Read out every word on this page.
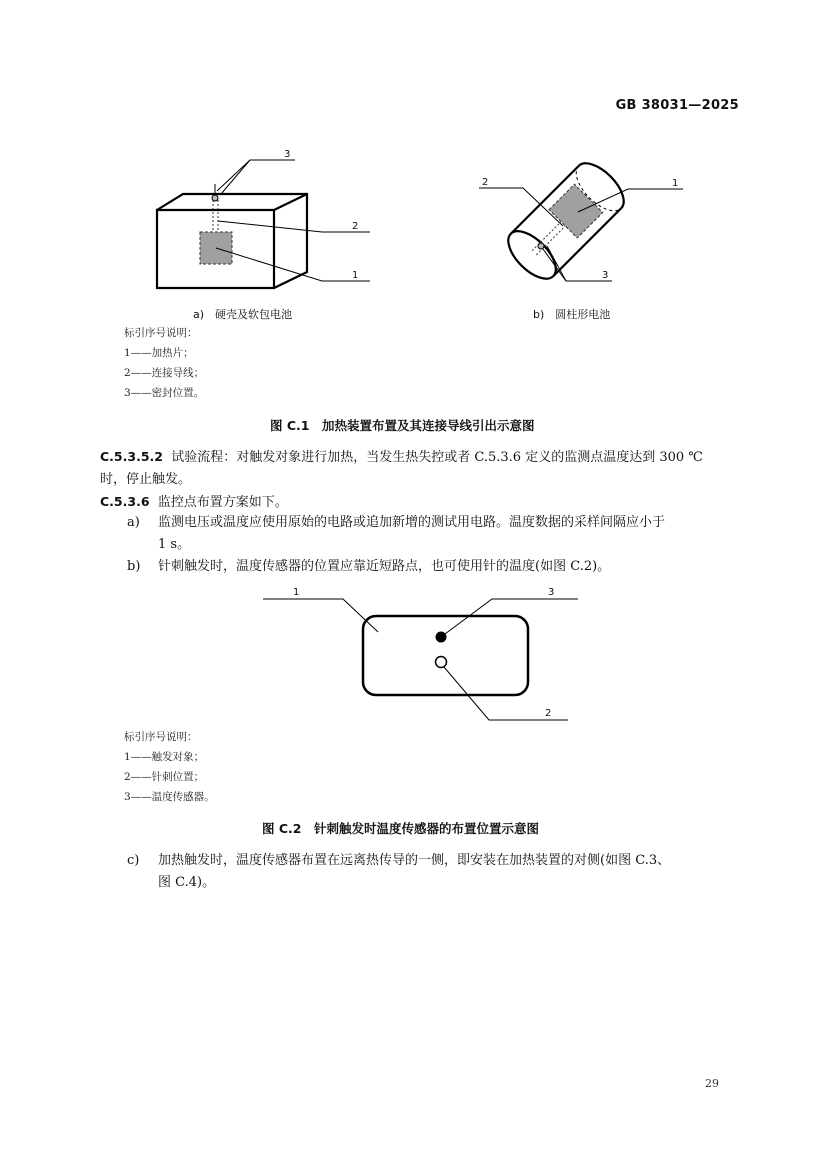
GB 38031—2025
3
2
1
2	1
3
a)　硬壳及软包电池	b)　圆柱形电池
标引序号说明：
1——加热片；
2——连接导线；
3——密封位置。
图 C.1　加热装置布置及其连接导线引出示意图
C.5.3.5.2 试验流程：对触发对象进行加热，当发生热失控或者 C.5.3.6 定义的监测点温度达到 300 ℃
时，停止触发。
C.5.3.6 监控点布置方案如下。
a)	监测电压或温度应使用原始的电路或追加新增的测试用电路。温度数据的采样间隔应小于
1 s。
b)	针刺触发时，温度传感器的位置应靠近短路点，也可使用针的温度(如图 C.2)。
1	3
2
标引序号说明：
1——触发对象；
2——针刺位置；
3——温度传感器。
图 C.2　针刺触发时温度传感器的布置位置示意图
c)	加热触发时，温度传感器布置在远离热传导的一侧，即安装在加热装置的对侧(如图 C.3、
图 C.4)。
29
